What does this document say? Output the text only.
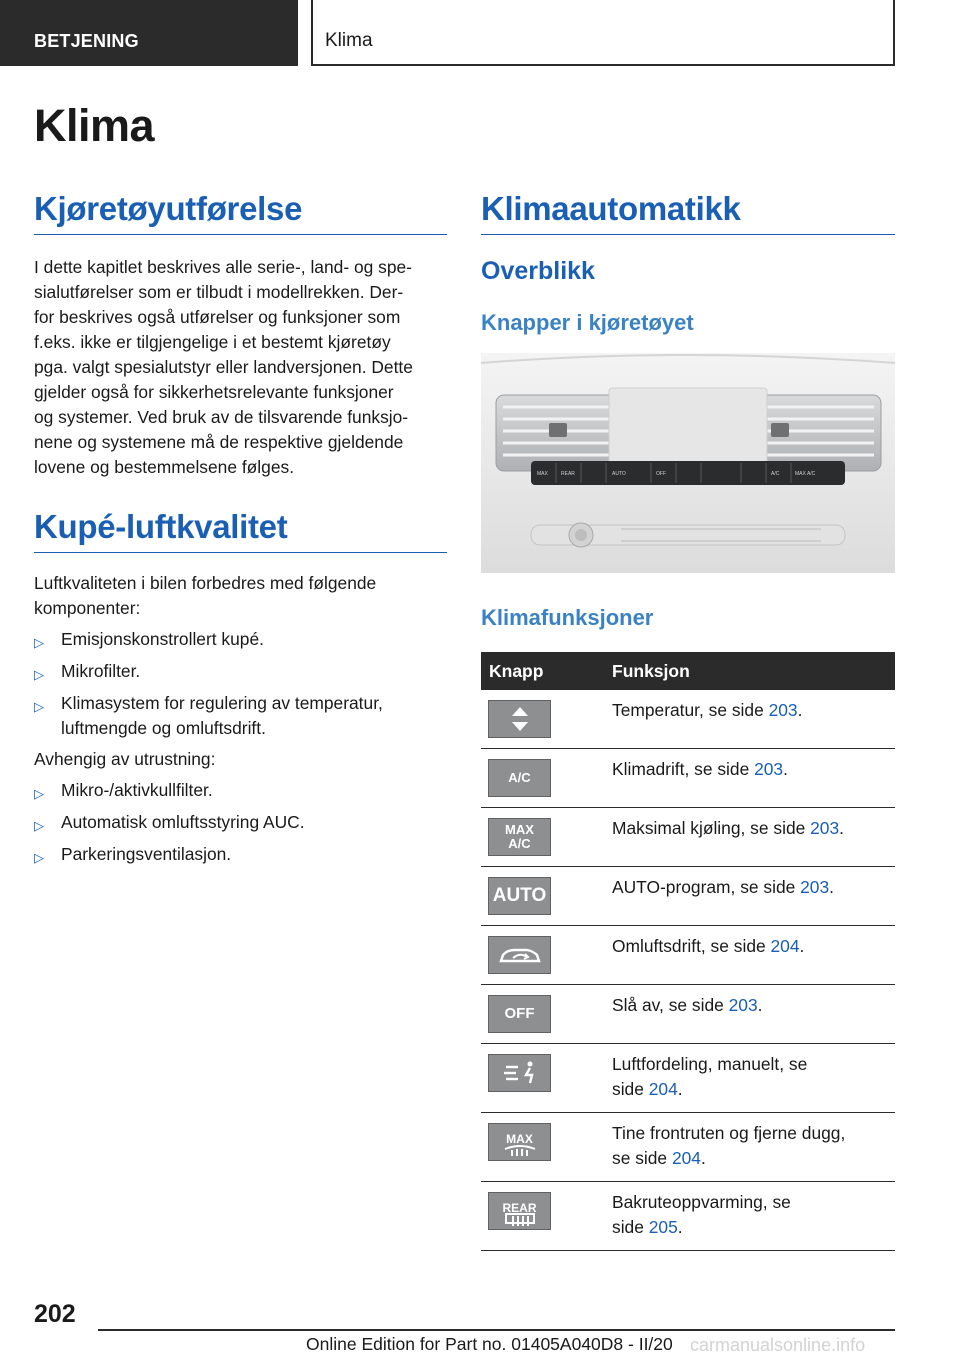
BETJENING	Klima
Klima
Kjøretøyutførelse
I dette kapitlet beskrives alle serie-, land- og spe-
sialutførelser som er tilbudt i modellrekken. Der-
for beskrives også utførelser og funksjoner som
f.eks. ikke er tilgjengelige i et bestemt kjøretøy
pga. valgt spesialutstyr eller landversjonen. Dette
gjelder også for sikkerhetsrelevante funksjoner
og systemer. Ved bruk av de tilsvarende funksjo-
nene og systemene må de respektive gjeldende
lovene og bestemmelsene følges.
Kupé-luftkvalitet
Luftkvaliteten i bilen forbedres med følgende
komponenter:
▷ Emisjonskonstrollert kupé.
▷ Mikrofilter.
▷ Klimasystem for regulering av temperatur,
luftmengde og omluftsdrift.
Avhengig av utrustning:
▷ Mikro-/aktivkullfilter.
▷ Automatisk omluftsstyring AUC.
▷ Parkeringsventilasjon.
Klimaautomatikk
Overblikk
Knapper i kjøretøyet
MAX	REAR	AUTO	OFF	A/C	MAX A/C
Klimafunksjoner
Knapp	Funksjon

Temperatur, se side 203.

A/C	Klimadrift, se side 203.

MAX
A/C	Maksimal kjøling, se side 203.

AUTO	AUTO-program, se side 203.

Omluftsdrift, se side 204.

OFF	Slå av, se side 203.

Luftfordeling, manuelt, se
side 204.

MAX	Tine frontruten og fjerne dugg,
se side 204.

REAR	Bakruteoppvarming, se
side 205.
202
Online Edition for Part no. 01405A040D8 - II/20 carmanualsonline.info
